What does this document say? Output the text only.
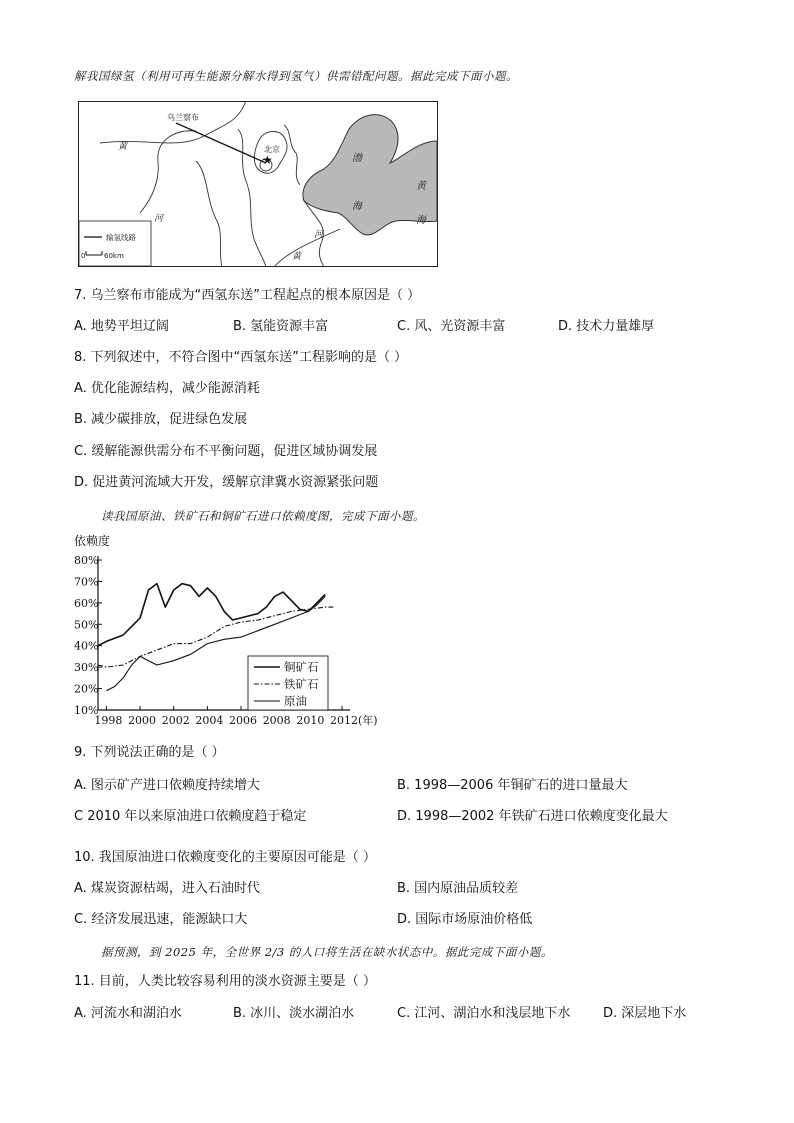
解我国绿氢（利用可再生能源分解水得到氢气）供需错配问题。据此完成下面小题。
★
乌兰察布
北京
渤
海
黄
海
黄
河
河
黄
输氢线路
0	60km
7. 乌兰察布市能成为“西氢东送”工程起点的根本原因是（ ）
A. 地势平坦辽阔	B. 氢能资源丰富	C. 风、光资源丰富	D. 技术力量雄厚
8. 下列叙述中，不符合图中“西氢东送”工程影响的是（ ）
A. 优化能源结构，减少能源消耗
B. 减少碳排放，促进绿色发展
C. 缓解能源供需分布不平衡问题，促进区域协调发展
D. 促进黄河流域大开发，缓解京津冀水资源紧张问题
读我国原油、铁矿石和铜矿石进口依赖度图，完成下面小题。
依赖度
80%
70%
60%
50%
40%
30%
20%
10%
1998 2000 2002 2004 2006 2008 2010 2012(年)
铜矿石
铁矿石
原油
9. 下列说法正确的是（ ）
A. 图示矿产进口依赖度持续增大	B. 1998—2006 年铜矿石的进口量最大
C 2010 年以来原油进口依赖度趋于稳定	D. 1998—2002 年铁矿石进口依赖度变化最大
10. 我国原油进口依赖度变化的主要原因可能是（ ）
A. 煤炭资源枯竭，进入石油时代	B. 国内原油品质较差
C. 经济发展迅速，能源缺口大	D. 国际市场原油价格低
据预测，到 2025 年，全世界 2/3 的人口将生活在缺水状态中。据此完成下面小题。
11. 目前，人类比较容易利用的淡水资源主要是（ ）
A. 河流水和湖泊水	B. 冰川、淡水湖泊水	C. 江河、湖泊水和浅层地下水	D. 深层地下水
